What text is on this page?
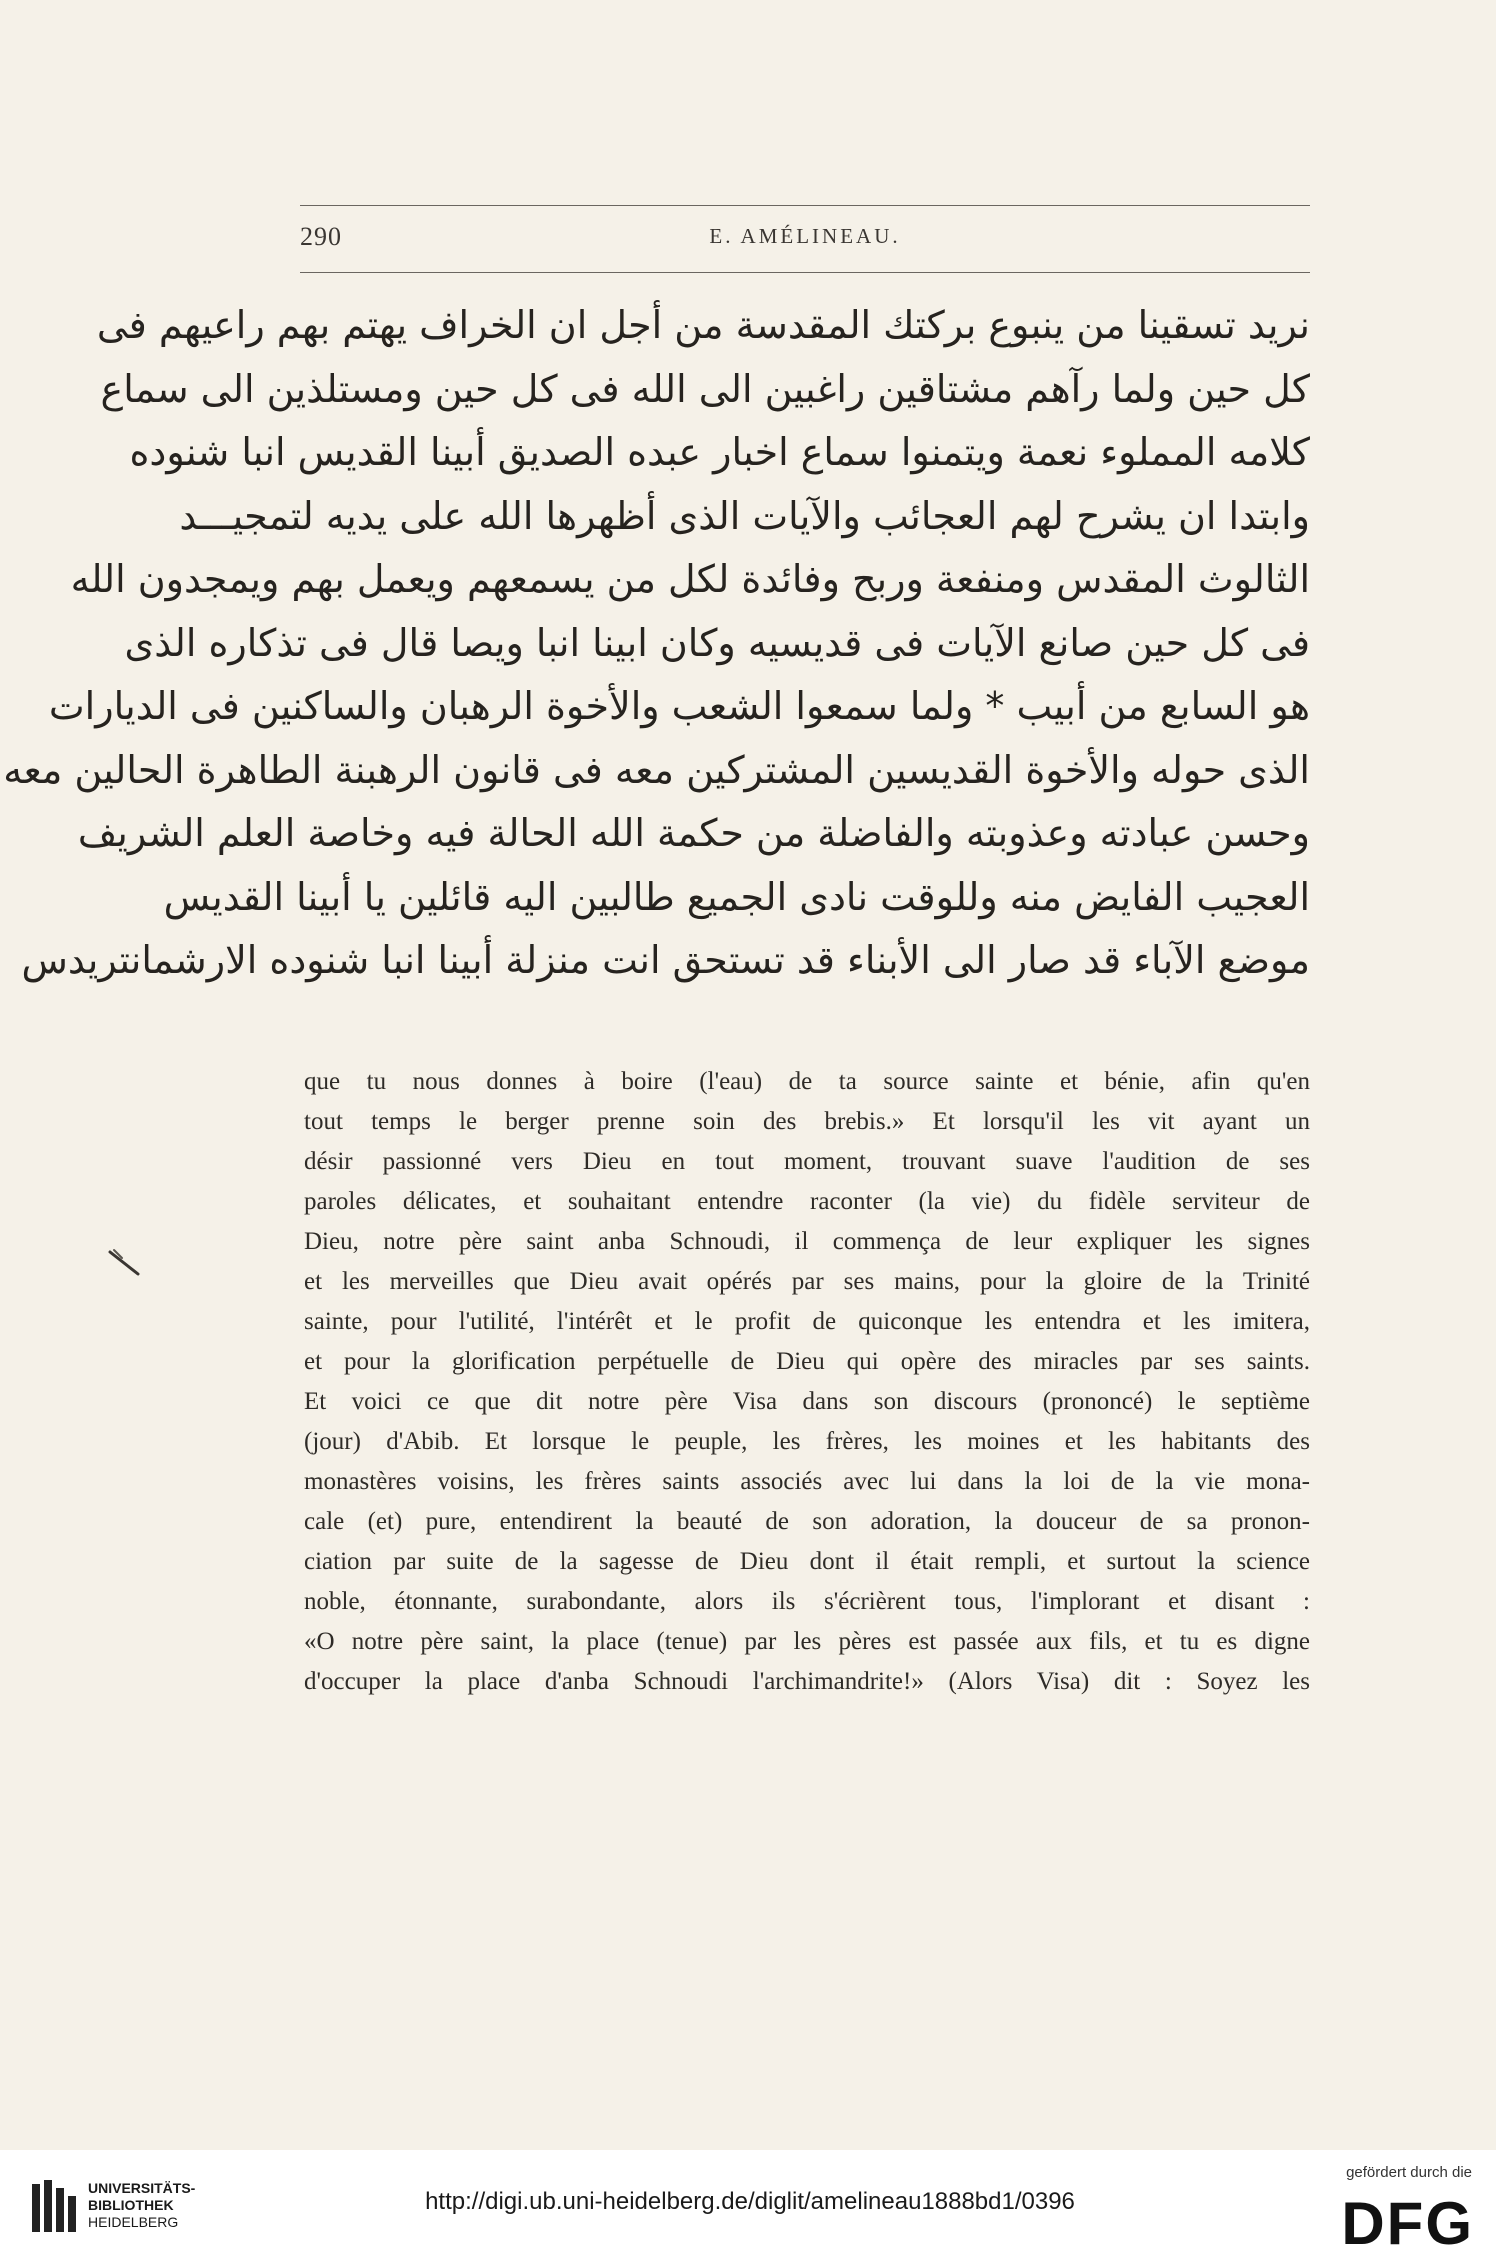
290	E. AMÉLINEAU.
نريد تسقينا من ينبوع بركتك المقدسة من أجل ان الخراف يهتم بهم راعيهم فى
كل حين ولما رآهم مشتاقين راغبين الى الله فى كل حين ومستلذين الى سماع
كلامه المملوء نعمة ويتمنوا سماع اخبار عبده الصديق أبينا القديس انبا شنوده
وابتدا ان يشرح لهم العجائب والآيات الذى أظهرها الله على يديه لتمجيـــد
الثالوث المقدس ومنفعة وربح وفائدة لكل من يسمعهم ويعمل بهم ويمجدون الله
فى كل حين صانع الآيات فى قديسيه وكان ابينا انبا ويصا قال فى تذكاره الذى
هو السابع من أبيب * ولما سمعوا الشعب والأخوة الرهبان والساكنين فى الديارات
الذى حوله والأخوة القديسين المشتركين معه فى قانون الرهبنة الطاهرة الحالين معه
وحسن عبادته وعذوبته والفاضلة من حكمة الله الحالة فيه وخاصة العلم الشريف
العجيب الفايض منه وللوقت نادى الجميع طالبين اليه قائلين يا أبينا القديس
موضع الآباء قد صار الى الأبناء قد تستحق انت منزلة أبينا انبا شنوده الارشمانتريدس
que tu nous donnes à boire (l'eau) de ta source sainte et bénie, afin qu'en
tout temps le berger prenne soin des brebis.» Et lorsqu'il les vit ayant un
désir passionné vers Dieu en tout moment, trouvant suave l'audition de ses
paroles délicates, et souhaitant entendre raconter (la vie) du fidèle serviteur de
Dieu, notre père saint anba Schnoudi, il commença de leur expliquer les signes
et les merveilles que Dieu avait opérés par ses mains, pour la gloire de la Trinité
sainte, pour l'utilité, l'intérêt et le profit de quiconque les entendra et les imitera,
et pour la glorification perpétuelle de Dieu qui opère des miracles par ses saints.
Et voici ce que dit notre père Visa dans son discours (prononcé) le septième
(jour) d'Abib. Et lorsque le peuple, les frères, les moines et les habitants des
monastères voisins, les frères saints associés avec lui dans la loi de la vie mona-
cale (et) pure, entendirent la beauté de son adoration, la douceur de sa pronon-
ciation par suite de la sagesse de Dieu dont il était rempli, et surtout la science
noble, étonnante, surabondante, alors ils s'écrièrent tous, l'implorant et disant :
«O notre père saint, la place (tenue) par les pères est passée aux fils, et tu es digne
d'occuper la place d'anba Schnoudi l'archimandrite!» (Alors Visa) dit : Soyez les
UNIVERSITÄTS-
BIBLIOTHEK
HEIDELBERG
http://digi.ub.uni-heidelberg.de/diglit/amelineau1888bd1/0396
gefördert durch die
DFG
